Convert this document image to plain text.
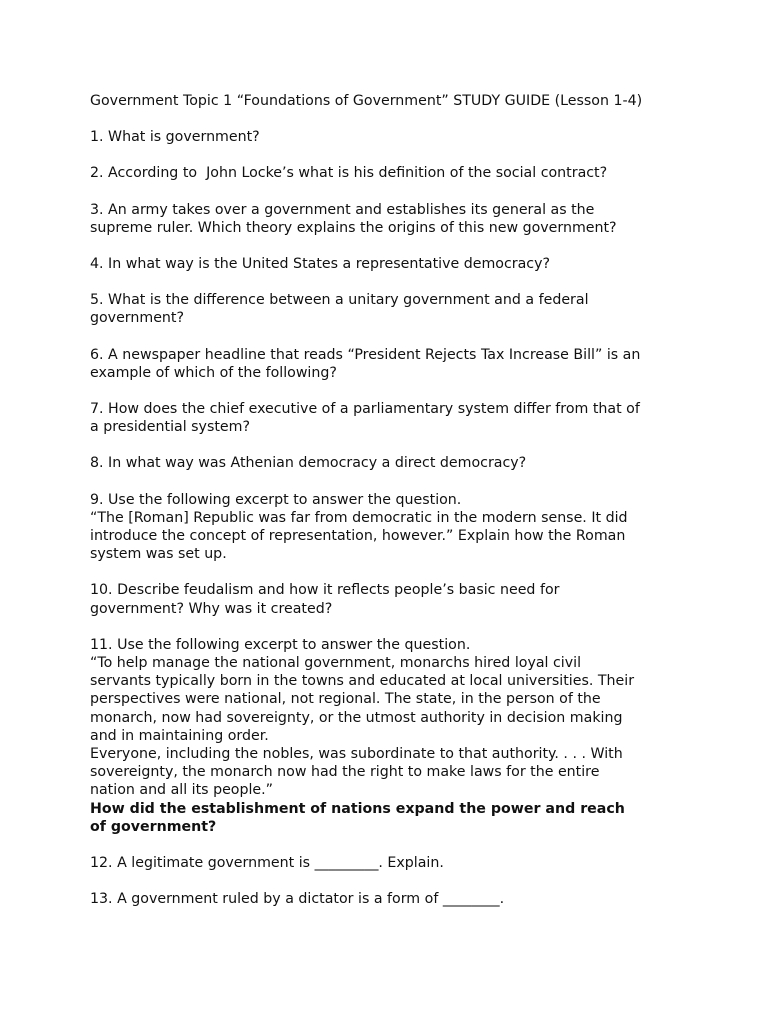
Government Topic 1 “Foundations of Government” STUDY GUIDE (Lesson 1-4)

1. What is government?

2. According to  John Locke’s what is his definition of the social contract?

3. An army takes over a government and establishes its general as the
supreme ruler. Which theory explains the origins of this new government?

4. In what way is the United States a representative democracy?

5. What is the difference between a unitary government and a federal
government?

6. A newspaper headline that reads “President Rejects Tax Increase Bill” is an
example of which of the following?

7. How does the chief executive of a parliamentary system differ from that of
a presidential system?

8. In what way was Athenian democracy a direct democracy?

9. Use the following excerpt to answer the question.
“The [Roman] Republic was far from democratic in the modern sense. It did
introduce the concept of representation, however.” Explain how the Roman
system was set up.

10. Describe feudalism and how it reflects people’s basic need for
government? Why was it created?

11. Use the following excerpt to answer the question.
“To help manage the national government, monarchs hired loyal civil
servants typically born in the towns and educated at local universities. Their
perspectives were national, not regional. The state, in the person of the
monarch, now had sovereignty, or the utmost authority in decision making
and in maintaining order.
Everyone, including the nobles, was subordinate to that authority. . . . With
sovereignty, the monarch now had the right to make laws for the entire
nation and all its people.”
How did the establishment of nations expand the power and reach
of government?

12. A legitimate government is _________. Explain.

13. A government ruled by a dictator is a form of ________.
